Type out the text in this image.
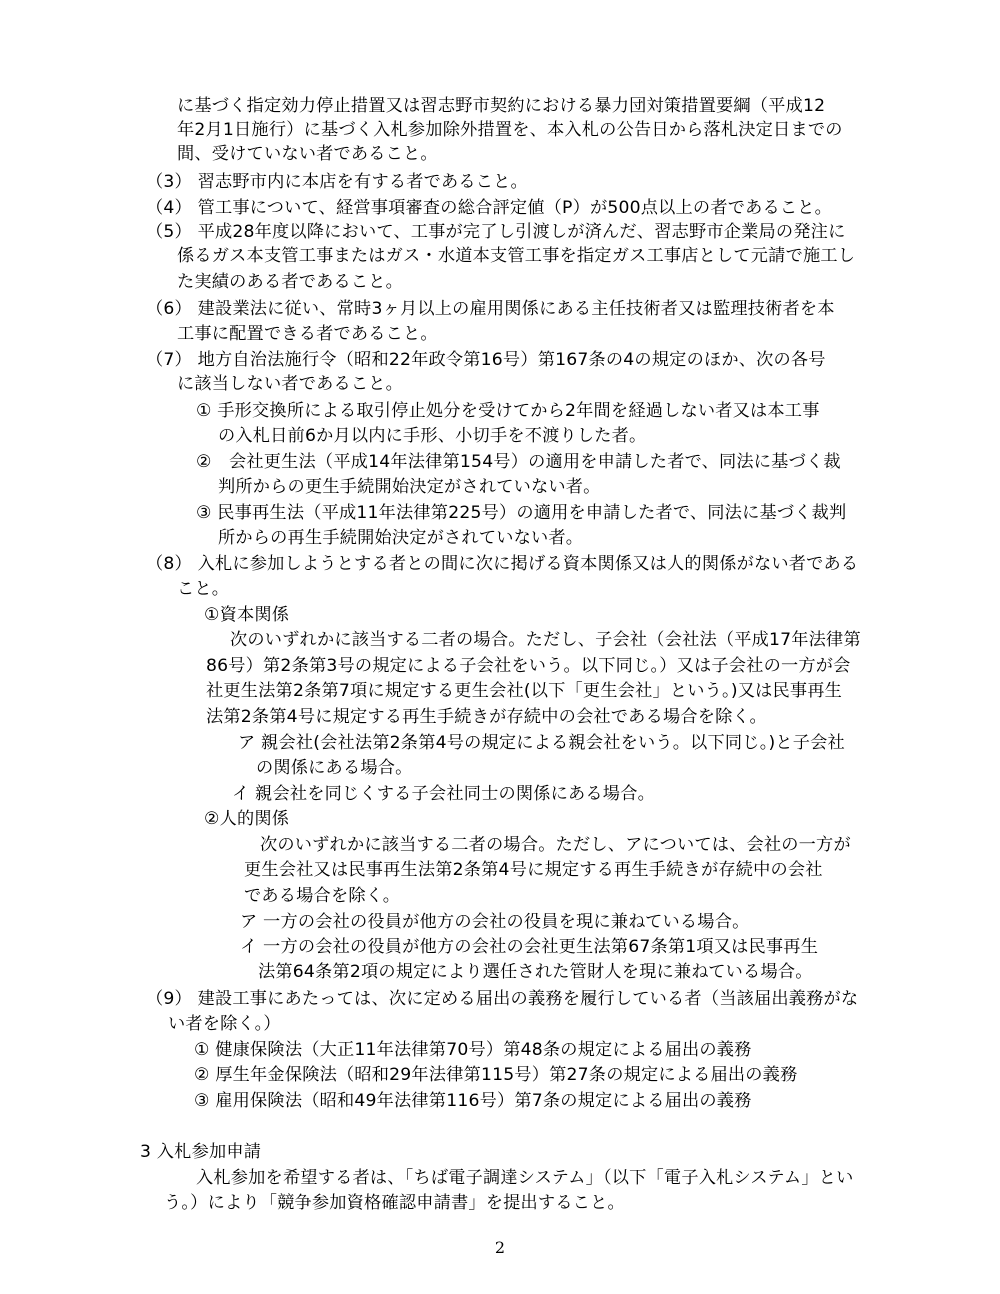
に基づく指定効力停止措置又は習志野市契約における暴力団対策措置要綱（平成12
年2月1日施行）に基づく入札参加除外措置を、本入札の公告日から落札決定日までの
間、受けていない者であること。
（3） 習志野市内に本店を有する者であること。
（4） 管工事について、経営事項審査の総合評定値（P）が500点以上の者であること。
（5） 平成28年度以降において、工事が完了し引渡しが済んだ、習志野市企業局の発注に
係るガス本支管工事またはガス・水道本支管工事を指定ガス工事店として元請で施工し
た実績のある者であること。
（6） 建設業法に従い、常時3ヶ月以上の雇用関係にある主任技術者又は監理技術者を本
工事に配置できる者であること。
（7） 地方自治法施行令（昭和22年政令第16号）第167条の4の規定のほか、次の各号
に該当しない者であること。
① 手形交換所による取引停止処分を受けてから2年間を経過しない者又は本工事
の入札日前6か月以内に手形、小切手を不渡りした者。
②　会社更生法（平成14年法律第154号）の適用を申請した者で、同法に基づく裁
判所からの更生手続開始決定がされていない者。
③ 民事再生法（平成11年法律第225号）の適用を申請した者で、同法に基づく裁判
所からの再生手続開始決定がされていない者。
（8） 入札に参加しようとする者との間に次に掲げる資本関係又は人的関係がない者である
こと。
①資本関係
次のいずれかに該当する二者の場合。ただし、子会社（会社法（平成17年法律第
86号）第2条第3号の規定による子会社をいう。以下同じ。）又は子会社の一方が会
社更生法第2条第7項に規定する更生会社(以下「更生会社」という。)又は民事再生
法第2条第4号に規定する再生手続きが存続中の会社である場合を除く。
ア 親会社(会社法第2条第4号の規定による親会社をいう。以下同じ。)と子会社
の関係にある場合。
イ 親会社を同じくする子会社同士の関係にある場合。
②人的関係
次のいずれかに該当する二者の場合。ただし、アについては、会社の一方が
更生会社又は民事再生法第2条第4号に規定する再生手続きが存続中の会社
である場合を除く。
ア 一方の会社の役員が他方の会社の役員を現に兼ねている場合。
イ 一方の会社の役員が他方の会社の会社更生法第67条第1項又は民事再生
法第64条第2項の規定により選任された管財人を現に兼ねている場合。
（9） 建設工事にあたっては、次に定める届出の義務を履行している者（当該届出義務がな
い者を除く。）
① 健康保険法（大正11年法律第70号）第48条の規定による届出の義務
② 厚生年金保険法（昭和29年法律第115号）第27条の規定による届出の義務
③ 雇用保険法（昭和49年法律第116号）第7条の規定による届出の義務
3 入札参加申請
入札参加を希望する者は、「ちば電子調達システム」（以下「電子入札システム」とい
う。）により「競争参加資格確認申請書」を提出すること。
2
